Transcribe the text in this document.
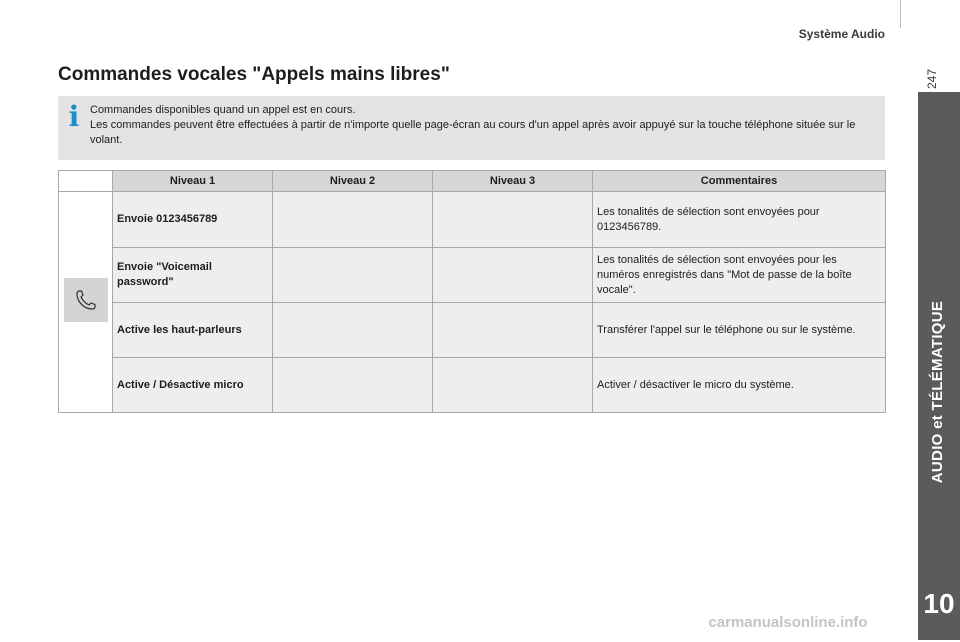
Système Audio
247
AUDIO et TÉLÉMATIQUE
10
Commandes vocales "Appels mains libres"
i Commandes disponibles quand un appel est en cours.

Les commandes peuvent être effectuées à partir de n'importe quelle page-écran au cours d'un appel après avoir appuyé sur la touche téléphone située sur le volant.

	Niveau 1	Niveau 2	Niveau 3	Commentaires

	Envoie 0123456789			Les tonalités de sélection sont envoyées pour 0123456789.
	Envoie "Voicemail password"			Les tonalités de sélection sont envoyées pour les numéros enregistrés dans "Mot de passe de la boîte vocale".
	Active les haut-parleurs			Transférer l'appel sur le téléphone ou sur le système.
	Active / Désactive micro			Activer / désactiver le micro du système.
carmanualsonline.info
